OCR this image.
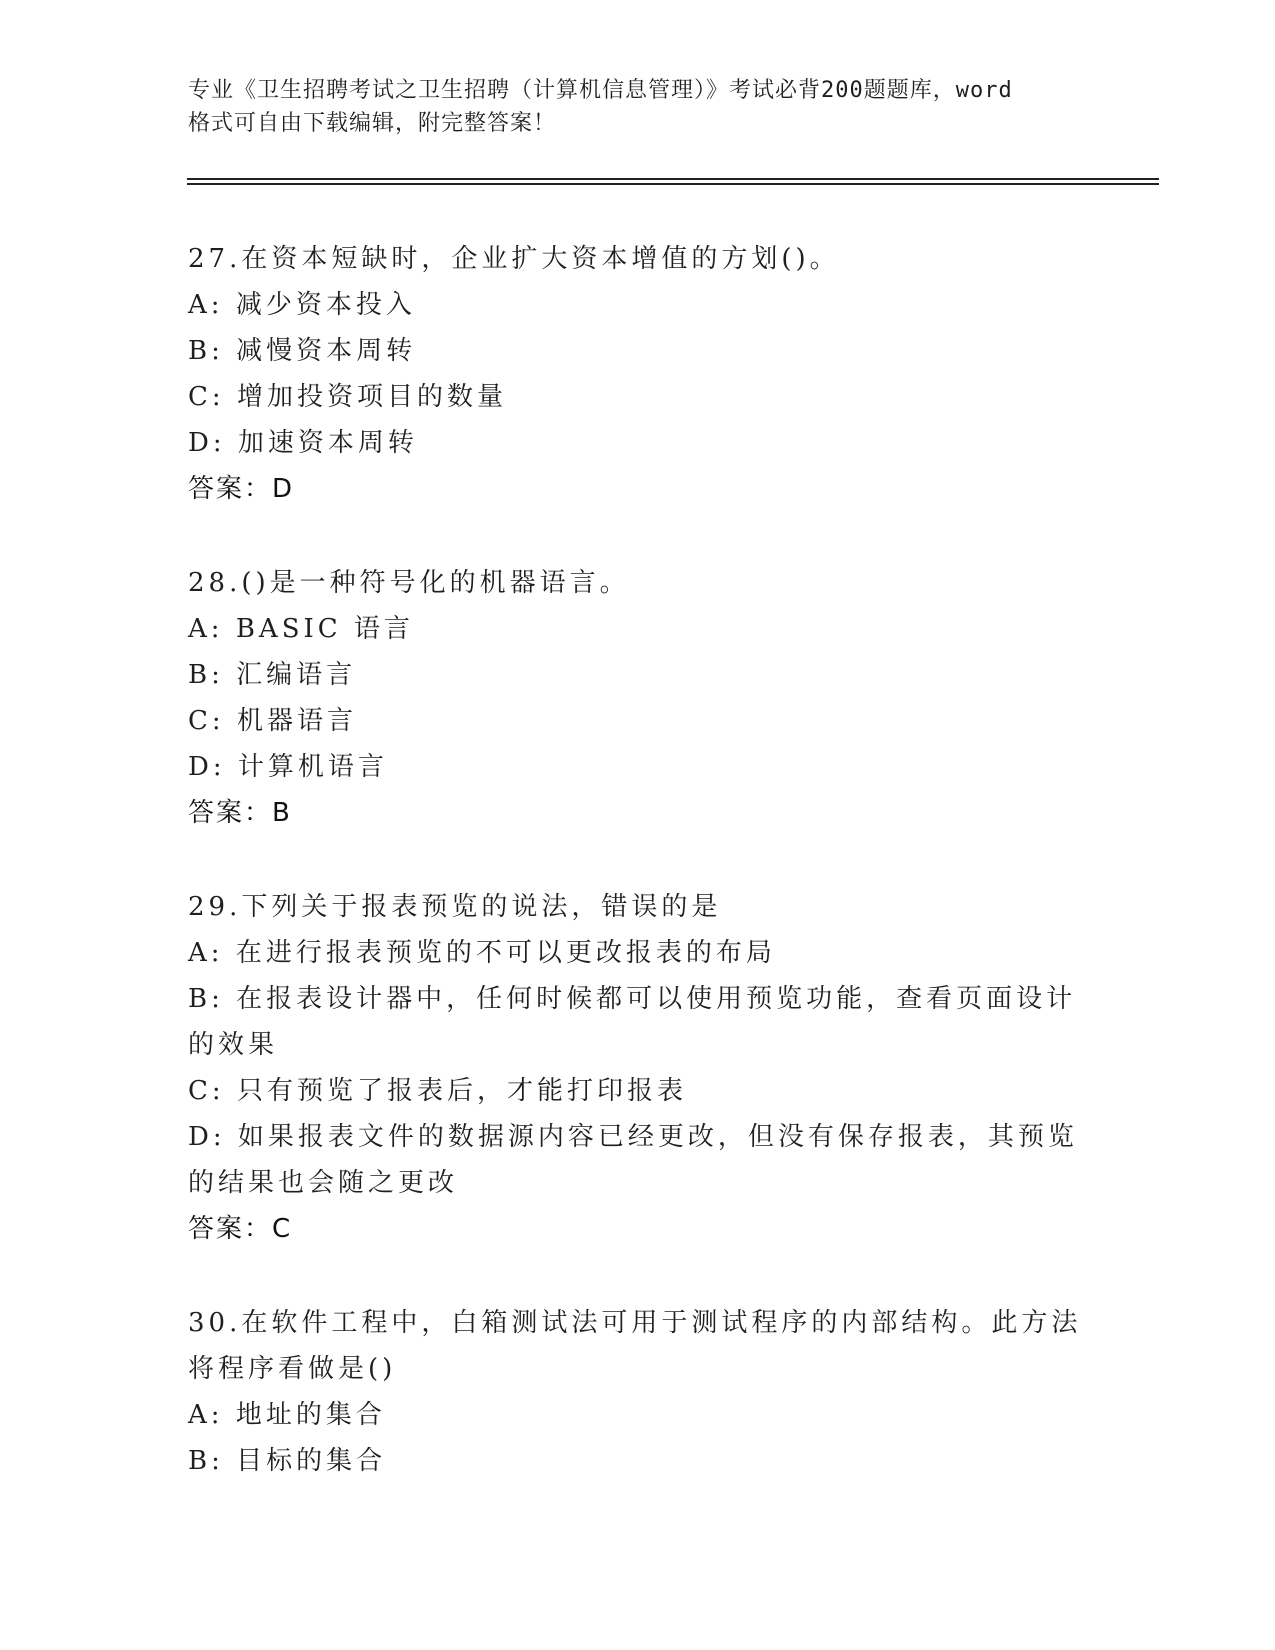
专业《卫生招聘考试之卫生招聘（计算机信息管理）》考试必背200题题库，word
格式可自由下载编辑，附完整答案！
27.在资本短缺时，企业扩大资本增值的方划()。
A: 减少资本投入
B: 减慢资本周转
C: 增加投资项目的数量
D: 加速资本周转
答案：D
28.()是一种符号化的机器语言。
A: BASIC 语言
B: 汇编语言
C: 机器语言
D: 计算机语言
答案：B
29.下列关于报表预览的说法，错误的是
A: 在进行报表预览的不可以更改报表的布局
B: 在报表设计器中，任何时候都可以使用预览功能，查看页面设计的效果
C: 只有预览了报表后，才能打印报表
D: 如果报表文件的数据源内容已经更改，但没有保存报表，其预览的结果也会随之更改
答案：C
30.在软件工程中，白箱测试法可用于测试程序的内部结构。此方法将程序看做是()
A: 地址的集合
B: 目标的集合
